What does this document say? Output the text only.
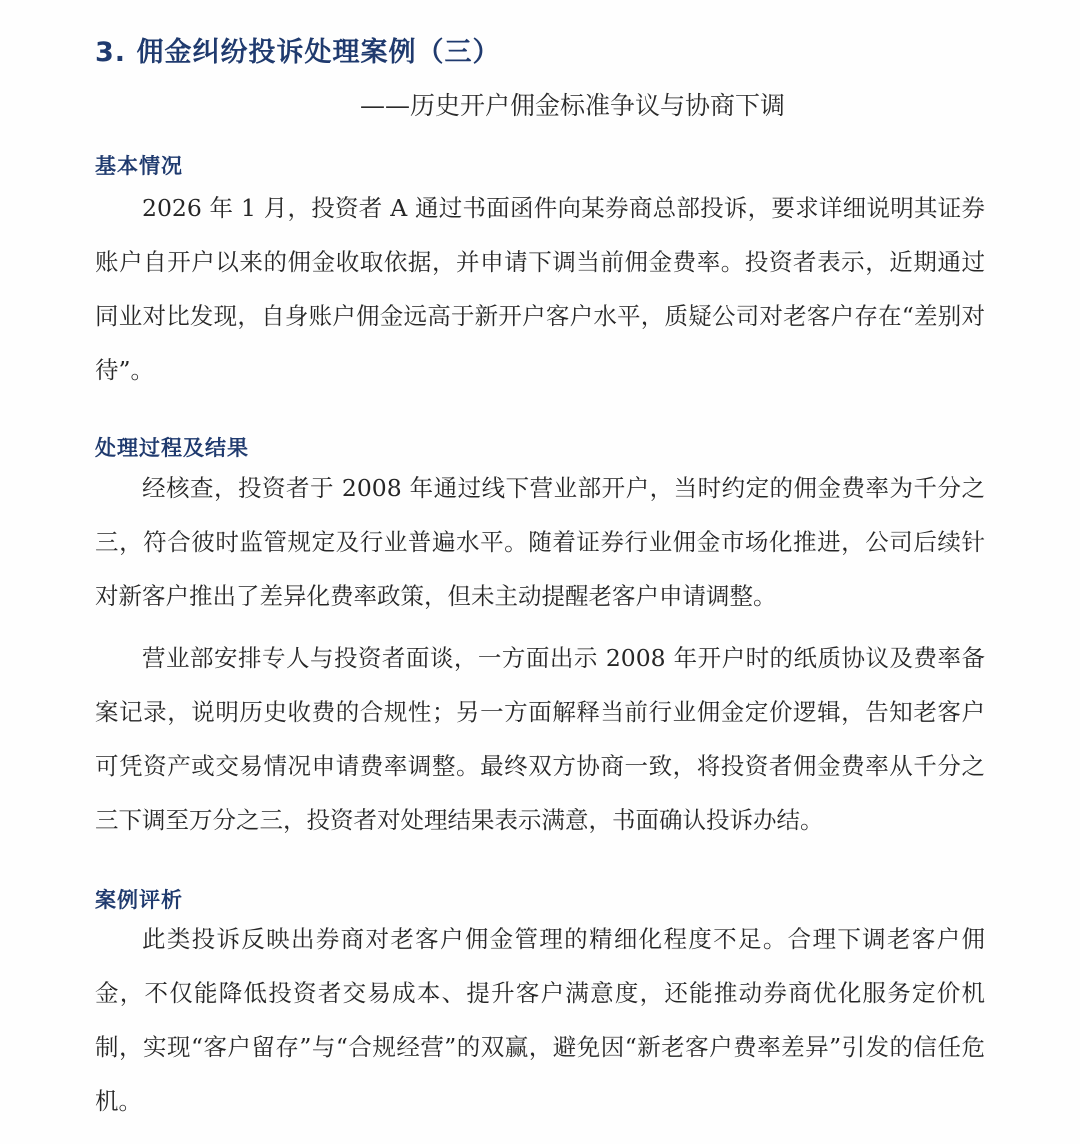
3. 佣金纠纷投诉处理案例（三）

——历史开户佣金标准争议与协商下调

基本情况

2026 年 1 月，投资者 A 通过书面函件向某券商总部投诉，要求详细说明其证券账户自开户以来的佣金收取依据，并申请下调当前佣金费率。投资者表示，近期通过同业对比发现，自身账户佣金远高于新开户客户水平，质疑公司对老客户存在“差别对待”。

处理过程及结果

经核查，投资者于 2008 年通过线下营业部开户，当时约定的佣金费率为千分之三，符合彼时监管规定及行业普遍水平。随着证券行业佣金市场化推进，公司后续针对新客户推出了差异化费率政策，但未主动提醒老客户申请调整。

营业部安排专人与投资者面谈，一方面出示 2008 年开户时的纸质协议及费率备案记录，说明历史收费的合规性；另一方面解释当前行业佣金定价逻辑，告知老客户可凭资产或交易情况申请费率调整。最终双方协商一致，将投资者佣金费率从千分之三下调至万分之三，投资者对处理结果表示满意，书面确认投诉办结。

案例评析

此类投诉反映出券商对老客户佣金管理的精细化程度不足。合理下调老客户佣金，不仅能降低投资者交易成本、提升客户满意度，还能推动券商优化服务定价机制，实现“客户留存”与“合规经营”的双赢，避免因“新老客户费率差异”引发的信任危机。
